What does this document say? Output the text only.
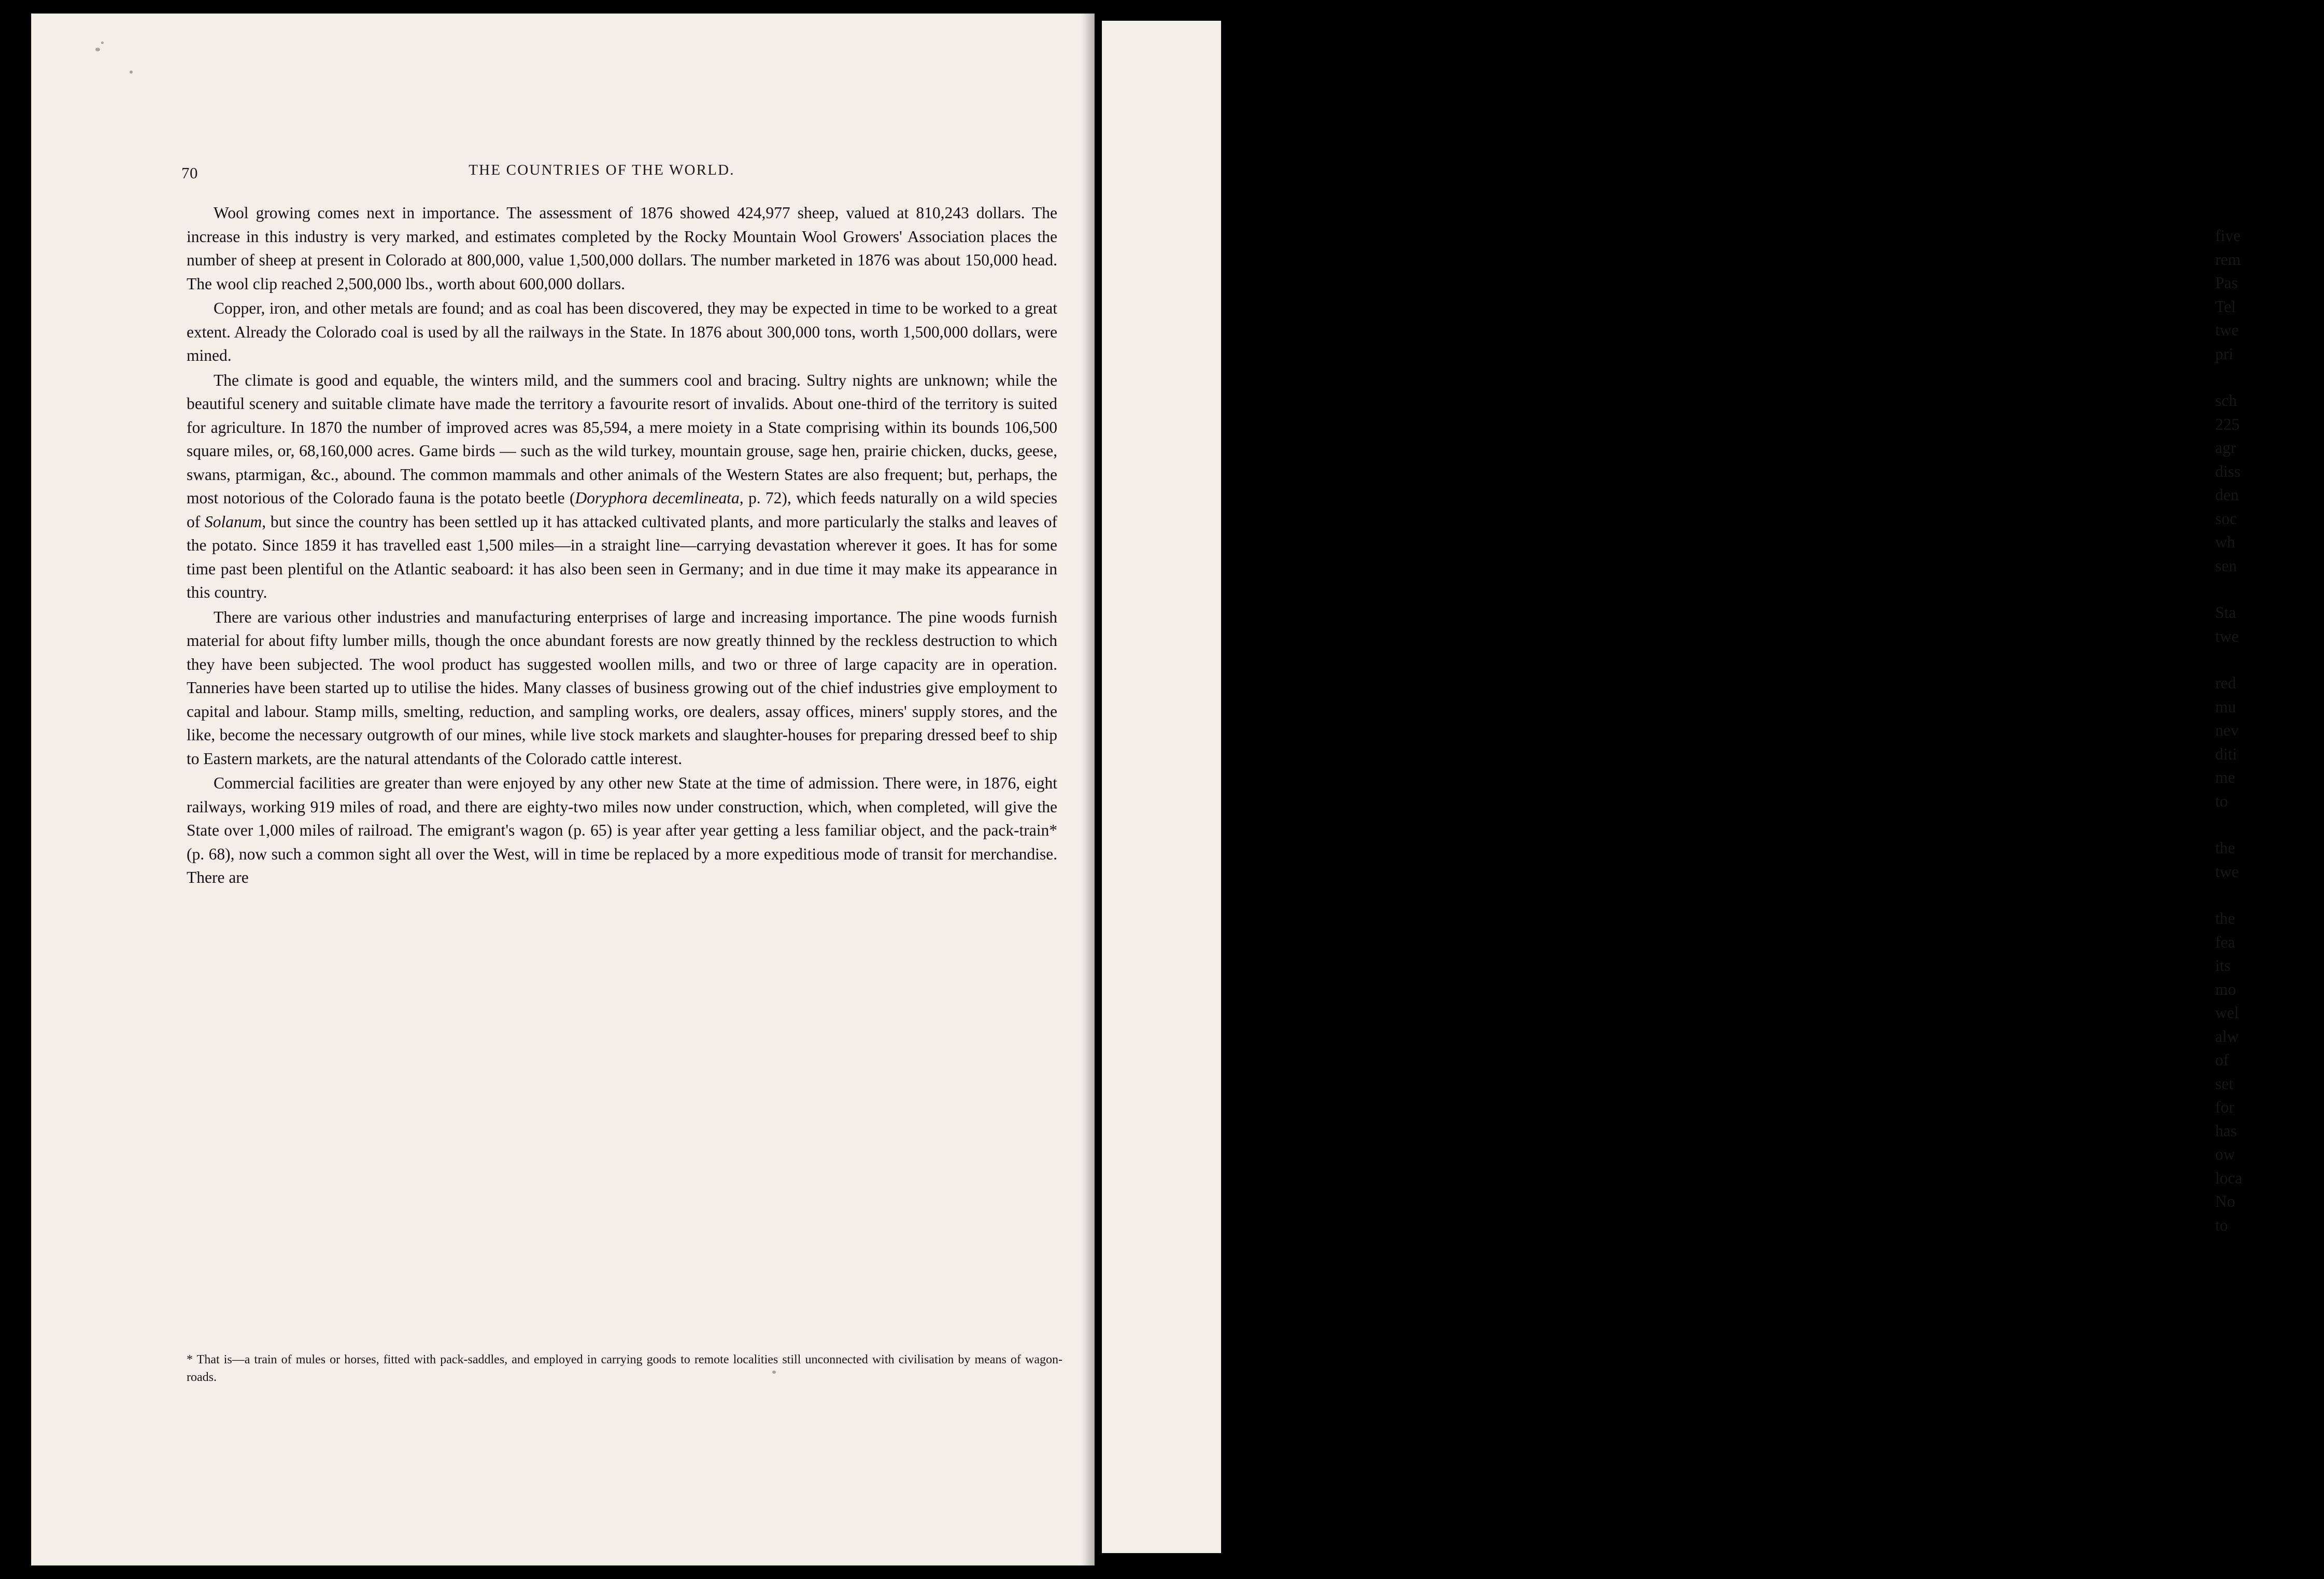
70	THE COUNTRIES OF THE WORLD.

Wool growing comes next in importance. The assessment of 1876 showed 424,977 sheep, valued at 810,243 dollars. The increase in this industry is very marked, and estimates completed by the Rocky Mountain Wool Growers' Association places the number of sheep at present in Colorado at 800,000, value 1,500,000 dollars. The number marketed in 1876 was about 150,000 head. The wool clip reached 2,500,000 lbs., worth about 600,000 dollars.

Copper, iron, and other metals are found; and as coal has been discovered, they may be expected in time to be worked to a great extent. Already the Colorado coal is used by all the railways in the State. In 1876 about 300,000 tons, worth 1,500,000 dollars, were mined.

The climate is good and equable, the winters mild, and the summers cool and bracing. Sultry nights are unknown; while the beautiful scenery and suitable climate have made the territory a favourite resort of invalids. About one-third of the territory is suited for agriculture. In 1870 the number of improved acres was 85,594, a mere moiety in a State comprising within its bounds 106,500 square miles, or, 68,160,000 acres. Game birds — such as the wild turkey, mountain grouse, sage hen, prairie chicken, ducks, geese, swans, ptarmigan, &c., abound. The common mammals and other animals of the Western States are also frequent; but, perhaps, the most notorious of the Colorado fauna is the potato beetle (Doryphora decemlineata, p. 72), which feeds naturally on a wild species of Solanum, but since the country has been settled up it has attacked cultivated plants, and more particularly the stalks and leaves of the potato. Since 1859 it has travelled east 1,500 miles—in a straight line—carrying devastation wherever it goes. It has for some time past been plentiful on the Atlantic seaboard: it has also been seen in Germany; and in due time it may make its appearance in this country.

There are various other industries and manufacturing enterprises of large and increasing importance. The pine woods furnish material for about fifty lumber mills, though the once abundant forests are now greatly thinned by the reckless destruction to which they have been subjected. The wool product has suggested woollen mills, and two or three of large capacity are in operation. Tanneries have been started up to utilise the hides. Many classes of business growing out of the chief industries give employment to capital and labour. Stamp mills, smelting, reduction, and sampling works, ore dealers, assay offices, miners' supply stores, and the like, become the necessary outgrowth of our mines, while live stock markets and slaughter-houses for preparing dressed beef to ship to Eastern markets, are the natural attendants of the Colorado cattle interest.

Commercial facilities are greater than were enjoyed by any other new State at the time of admission. There were, in 1876, eight railways, working 919 miles of road, and there are eighty-two miles now under construction, which, when completed, will give the State over 1,000 miles of railroad. The emigrant's wagon (p. 65) is year after year getting a less familiar object, and the pack-train* (p. 68), now such a common sight all over the West, will in time be replaced by a more expeditious mode of transit for merchandise. There are

* That is—a train of mules or horses, fitted with pack-saddles, and employed in carrying goods to remote localities still unconnected with civilisation by means of wagon-roads.
five
rem
Pas
Tel
twe
pri
sch
225
agr
diss
den
soc
wh
sen
Sta
twe
red
mu
nev
diti
me
to
the
twe
the
fea
its
mo
wel
alw
of
set
for
has
ow
loca
No
to
